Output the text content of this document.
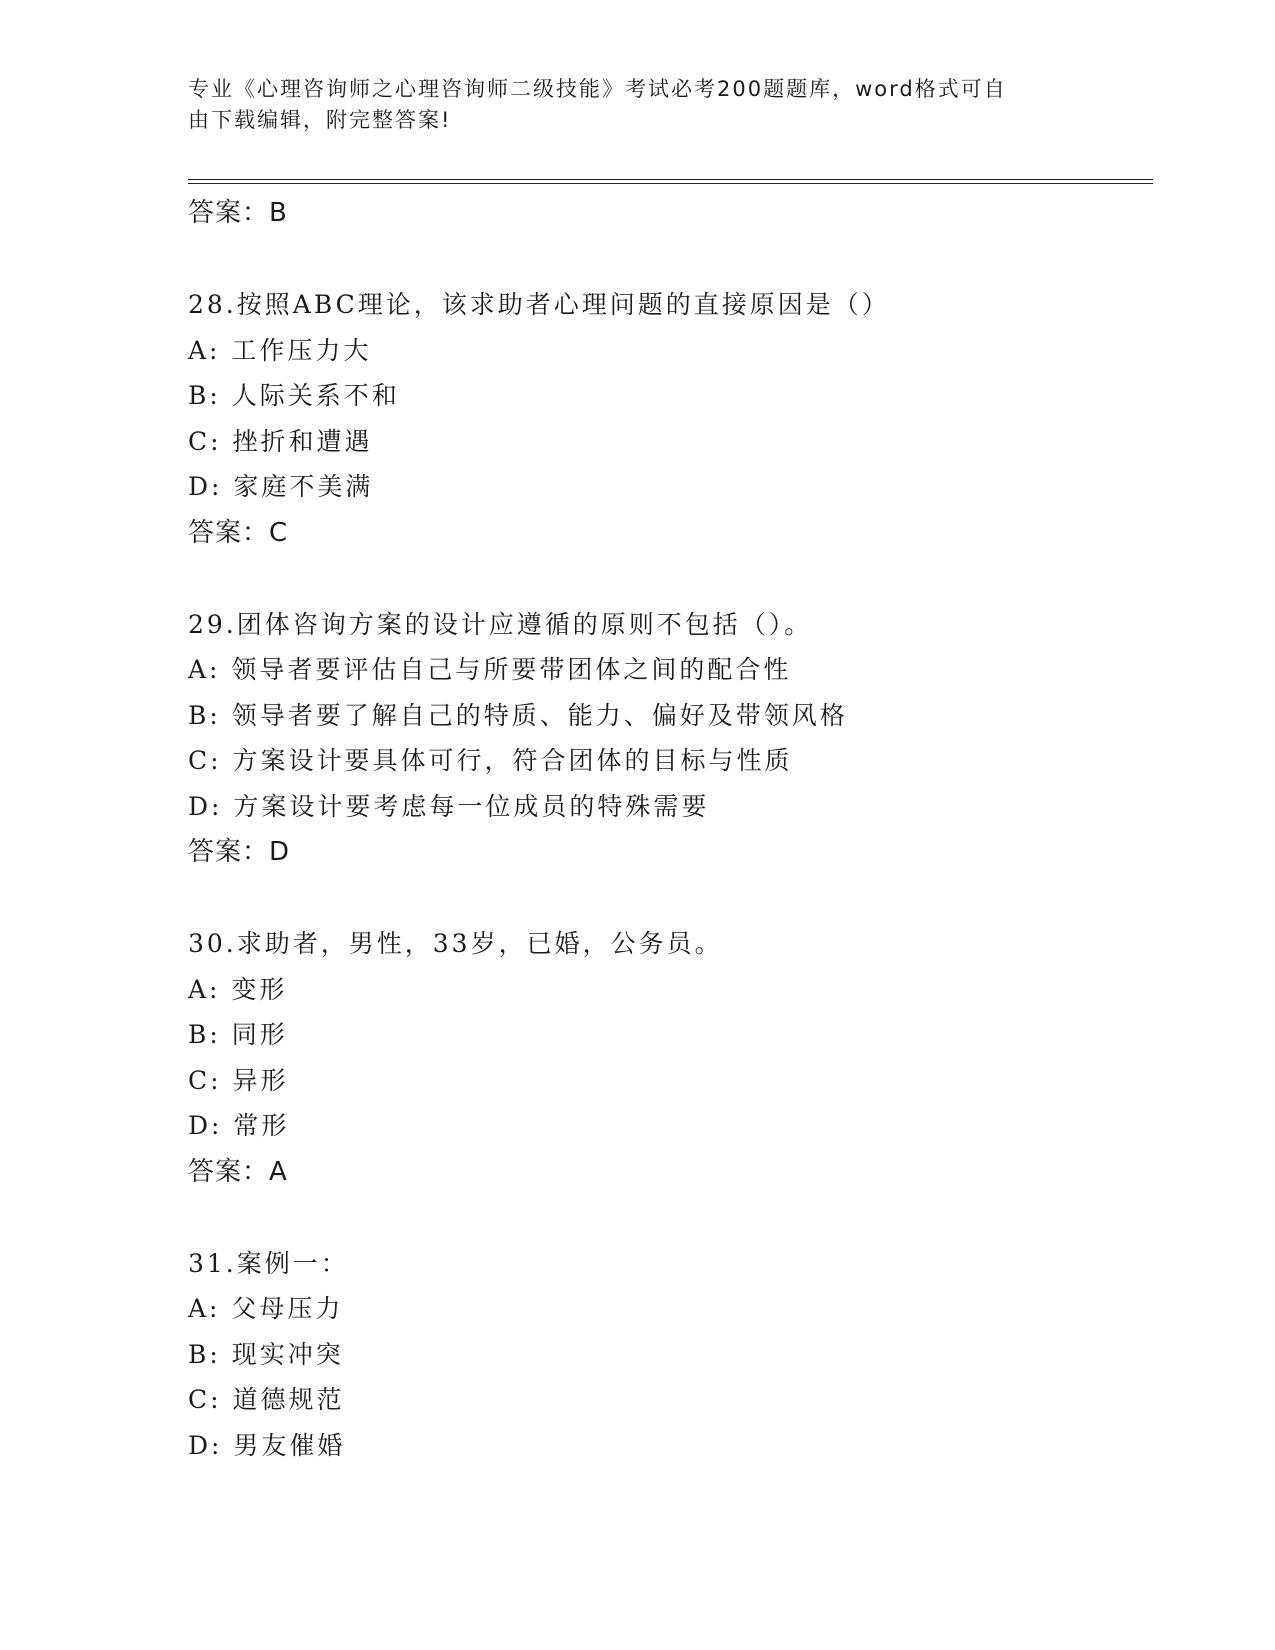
专业《心理咨询师之心理咨询师二级技能》考试必考200题题库，word格式可自
由下载编辑，附完整答案!
答案：B
28.按照ABC理论，该求助者心理问题的直接原因是（）
A: 工作压力大
B: 人际关系不和
C: 挫折和遭遇
D: 家庭不美满
答案：C
29.团体咨询方案的设计应遵循的原则不包括（）。
A: 领导者要评估自己与所要带团体之间的配合性
B: 领导者要了解自己的特质、能力、偏好及带领风格
C: 方案设计要具体可行，符合团体的目标与性质
D: 方案设计要考虑每一位成员的特殊需要
答案：D
30.求助者，男性，33岁，已婚，公务员。
A: 变形
B: 同形
C: 异形
D: 常形
答案：A
31.案例一：
A: 父母压力
B: 现实冲突
C: 道德规范
D: 男友催婚
